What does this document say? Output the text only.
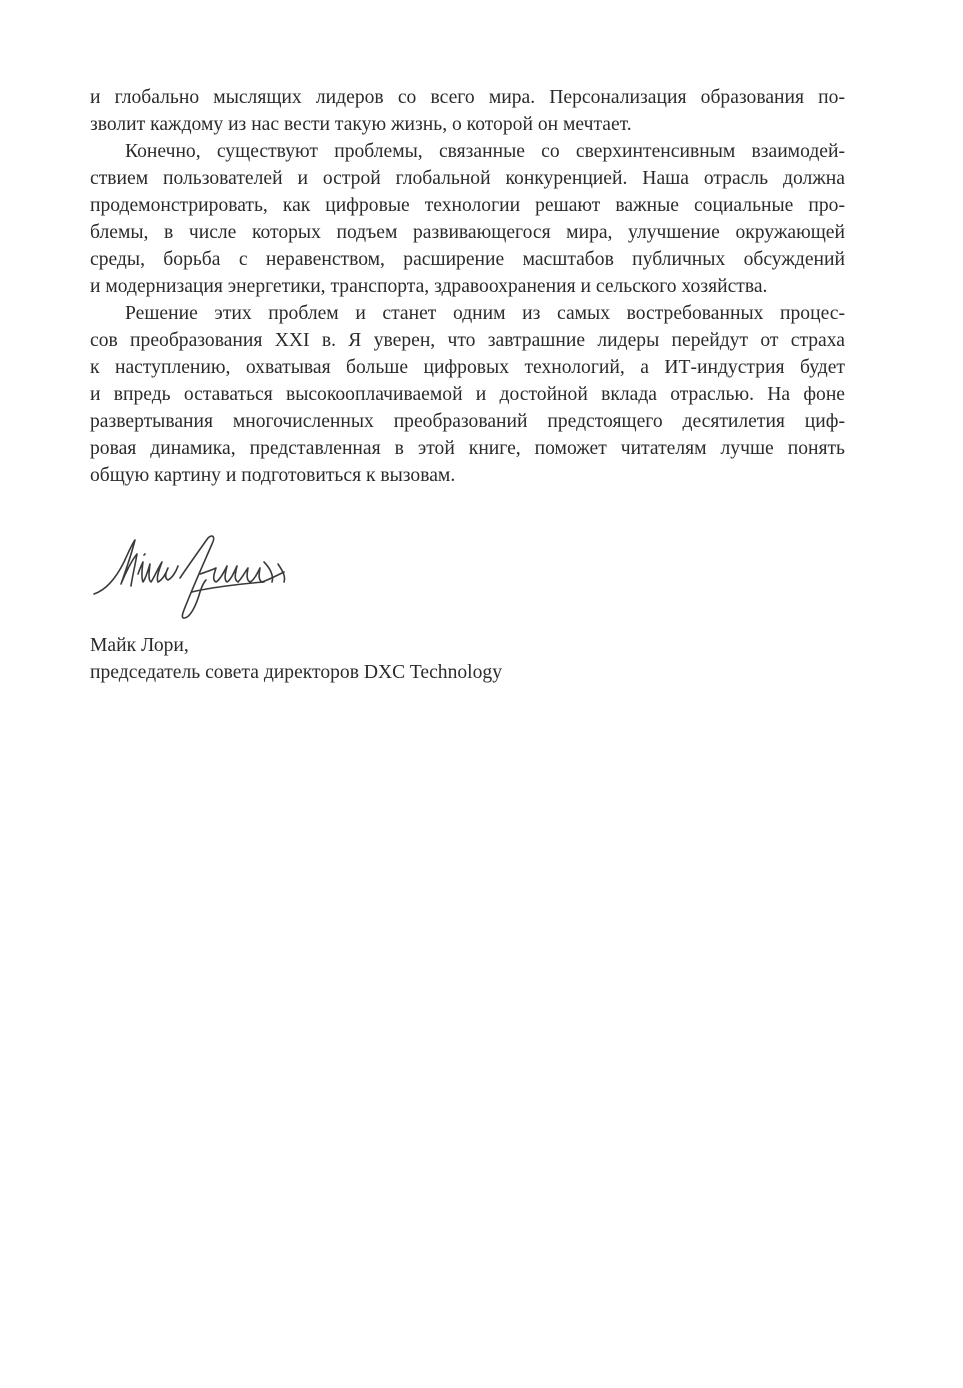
и глобально мыслящих лидеров со всего мира. Персонализация образования по-
зволит каждому из нас вести такую жизнь, о которой он мечтает.
Конечно, существуют проблемы, связанные со сверхинтенсивным взаимодей-
ствием пользователей и острой глобальной конкуренцией. Наша отрасль должна
продемонстрировать, как цифровые технологии решают важные социальные про-
блемы, в числе которых подъем развивающегося мира, улучшение окружающей
среды, борьба с неравенством, расширение масштабов публичных обсуждений
и модернизация энергетики, транспорта, здравоохранения и сельского хозяйства.
Решение этих проблем и станет одним из самых востребованных процес-
сов преобразования XXI в. Я уверен, что завтрашние лидеры перейдут от страха
к наступлению, охватывая больше цифровых технологий, а ИТ-индустрия будет
и впредь оставаться высокооплачиваемой и достойной вклада отраслью. На фоне
развертывания многочисленных преобразований предстоящего десятилетия циф-
ровая динамика, представленная в этой книге, поможет читателям лучше понять
общую картину и подготовиться к вызовам.
Майк Лори,
председатель совета директоров DXC Technology
